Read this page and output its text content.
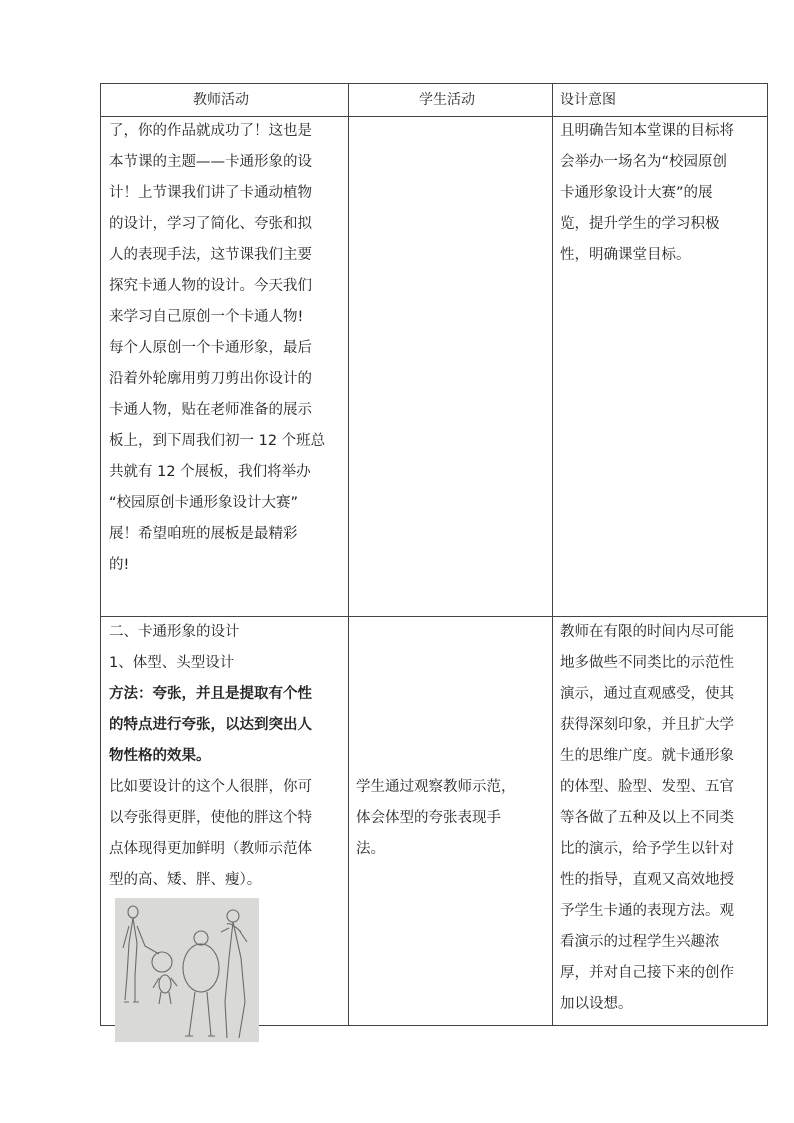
教师活动	学生活动	设计意图
了，你的作品就成功了！这也是
本节课的主题——卡通形象的设
计！上节课我们讲了卡通动植物
的设计，学习了简化、夸张和拟
人的表现手法，这节课我们主要
探究卡通人物的设计。今天我们
来学习自己原创一个卡通人物!
每个人原创一个卡通形象，最后
沿着外轮廓用剪刀剪出你设计的
卡通人物，贴在老师准备的展示
板上，到下周我们初一 12 个班总
共就有 12 个展板，我们将举办
“校园原创卡通形象设计大赛”
展！希望咱班的展板是最精彩
的!
且明确告知本堂课的目标将
会举办一场名为“校园原创
卡通形象设计大赛”的展
览，提升学生的学习积极
性，明确课堂目标。
二、卡通形象的设计
1、体型、头型设计
方法：夸张，并且是提取有个性
的特点进行夸张，以达到突出人
物性格的效果。
比如要设计的这个人很胖，你可
以夸张得更胖，使他的胖这个特
点体现得更加鲜明（教师示范体
型的高、矮、胖、瘦）。
学生通过观察教师示范，
体会体型的夸张表现手
法。
教师在有限的时间内尽可能
地多做些不同类比的示范性
演示，通过直观感受，使其
获得深刻印象，并且扩大学
生的思维广度。就卡通形象
的体型、脸型、发型、五官
等各做了五种及以上不同类
比的演示，给予学生以针对
性的指导，直观又高效地授
予学生卡通的表现方法。观
看演示的过程学生兴趣浓
厚，并对自己接下来的创作
加以设想。
